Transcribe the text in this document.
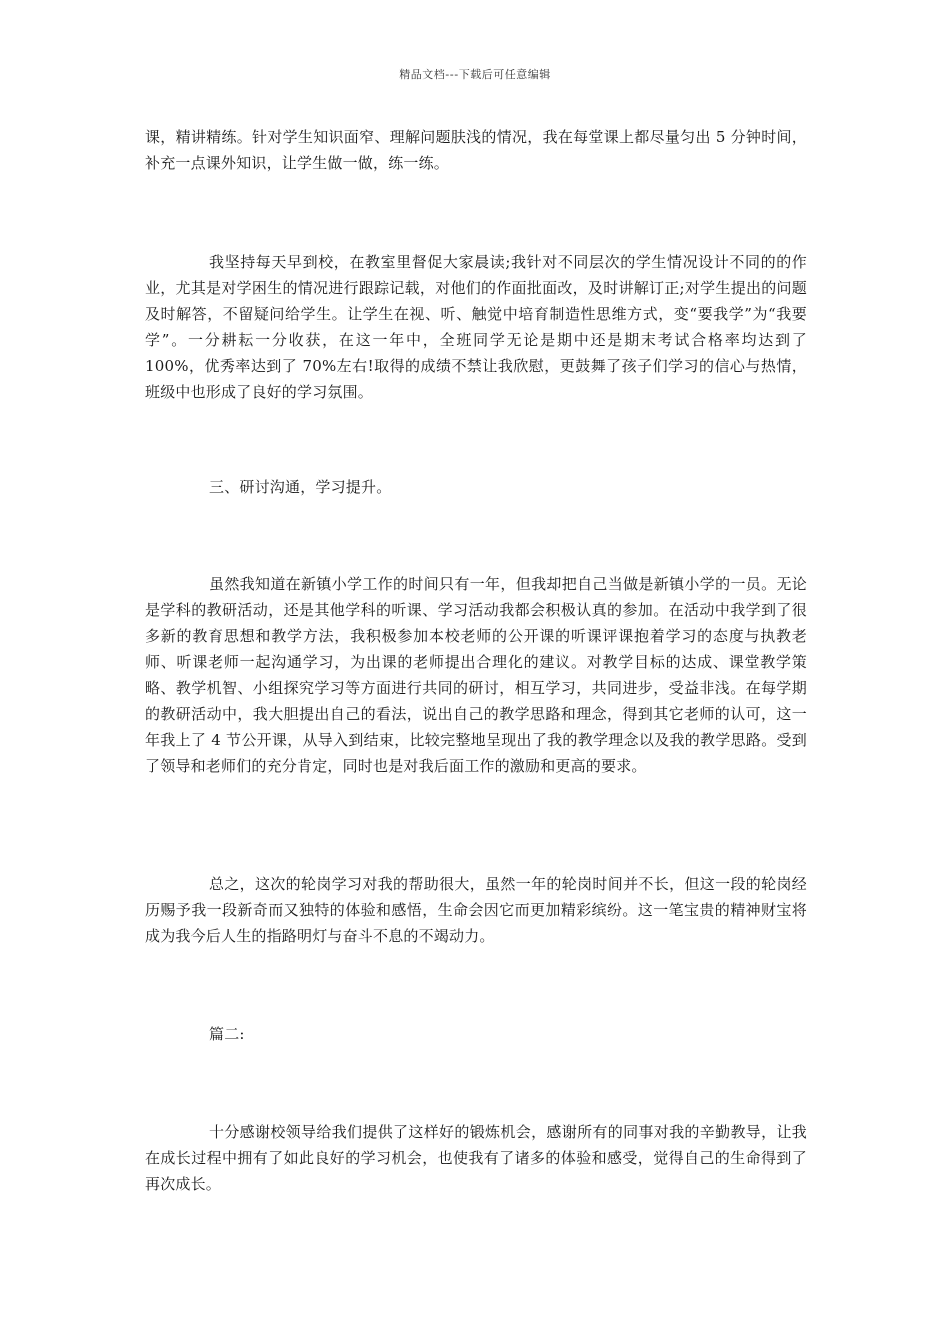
精品文档---下载后可任意编辑

课，精讲精练。针对学生知识面窄、理解问题肤浅的情况，我在每堂课上都尽量匀出 5 分钟时间，补充一点课外知识，让学生做一做，练一练。

我坚持每天早到校，在教室里督促大家晨读;我针对不同层次的学生情况设计不同的的作业，尤其是对学困生的情况进行跟踪记载，对他们的作面批面改，及时讲解订正;对学生提出的问题及时解答，不留疑问给学生。让学生在视、听、触觉中培育制造性思维方式，变“要我学”为“我要学”。一分耕耘一分收获，在这一年中，全班同学无论是期中还是期末考试合格率均达到了 100%，优秀率达到了 70%左右!取得的成绩不禁让我欣慰，更鼓舞了孩子们学习的信心与热情，班级中也形成了良好的学习氛围。

三、研讨沟通，学习提升。

虽然我知道在新镇小学工作的时间只有一年，但我却把自己当做是新镇小学的一员。无论是学科的教研活动，还是其他学科的听课、学习活动我都会积极认真的参加。在活动中我学到了很多新的教育思想和教学方法，我积极参加本校老师的公开课的听课评课抱着学习的态度与执教老师、听课老师一起沟通学习，为出课的老师提出合理化的建议。对教学目标的达成、课堂教学策略、教学机智、小组探究学习等方面进行共同的研讨，相互学习，共同进步，受益非浅。在每学期的教研活动中，我大胆提出自己的看法，说出自己的教学思路和理念，得到其它老师的认可，这一年我上了 4 节公开课，从导入到结束，比较完整地呈现出了我的教学理念以及我的教学思路。受到了领导和老师们的充分肯定，同时也是对我后面工作的激励和更高的要求。

总之，这次的轮岗学习对我的帮助很大，虽然一年的轮岗时间并不长，但这一段的轮岗经历赐予我一段新奇而又独特的体验和感悟，生命会因它而更加精彩缤纷。这一笔宝贵的精神财宝将成为我今后人生的指路明灯与奋斗不息的不竭动力。

篇二:

十分感谢校领导给我们提供了这样好的锻炼机会，感谢所有的同事对我的辛勤教导，让我在成长过程中拥有了如此良好的学习机会，也使我有了诸多的体验和感受，觉得自己的生命得到了再次成长。
